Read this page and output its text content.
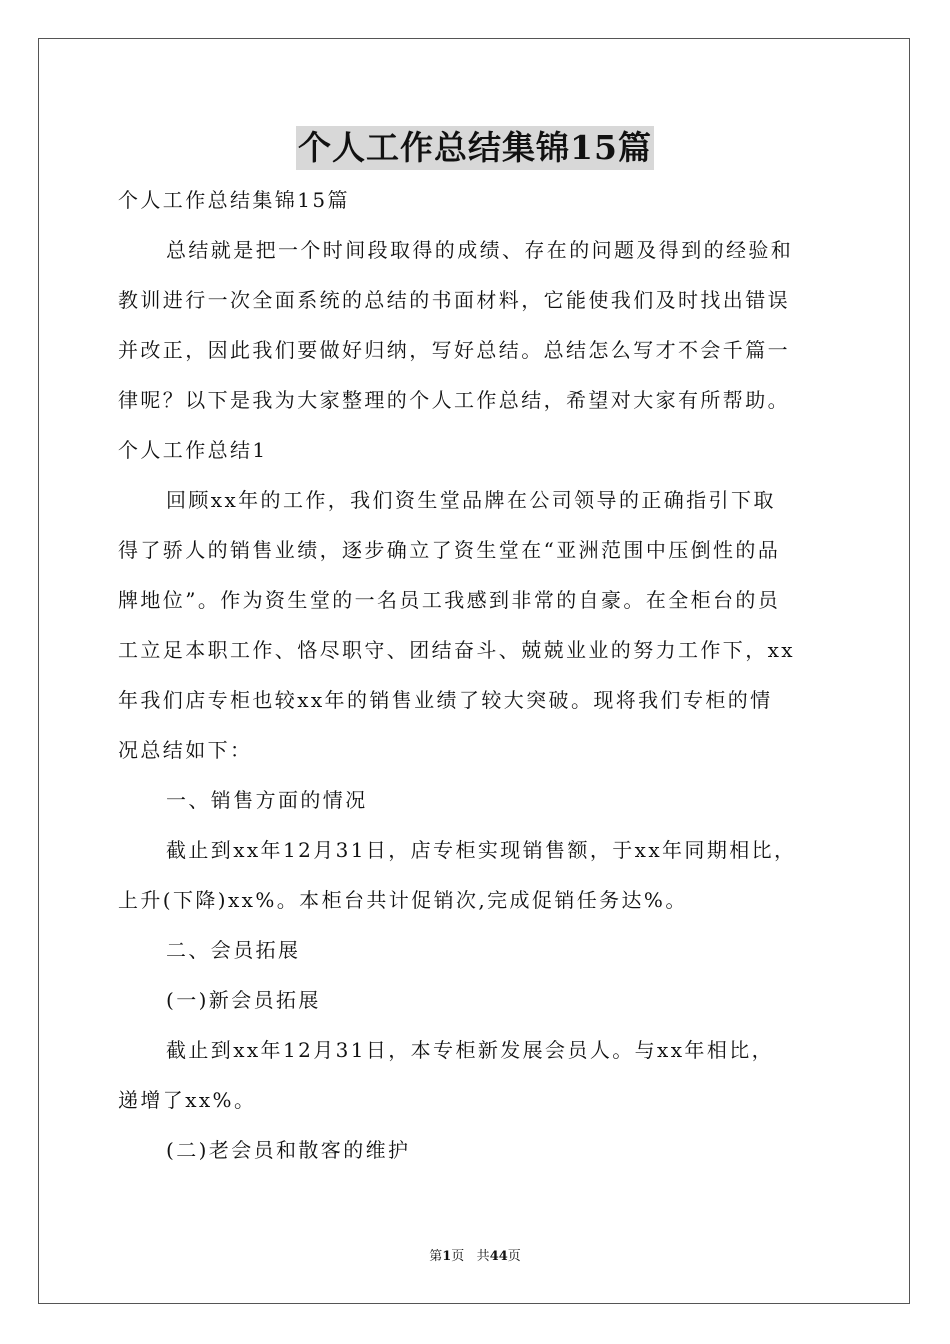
个人工作总结集锦15篇
个人工作总结集锦15篇
总结就是把一个时间段取得的成绩、存在的问题及得到的经验和
教训进行一次全面系统的总结的书面材料，它能使我们及时找出错误
并改正，因此我们要做好归纳，写好总结。总结怎么写才不会千篇一
律呢？以下是我为大家整理的个人工作总结，希望对大家有所帮助。
个人工作总结1
回顾xx年的工作，我们资生堂品牌在公司领导的正确指引下取
得了骄人的销售业绩，逐步确立了资生堂在“亚洲范围中压倒性的品
牌地位”。作为资生堂的一名员工我感到非常的自豪。在全柜台的员
工立足本职工作、恪尽职守、团结奋斗、兢兢业业的努力工作下，xx
年我们店专柜也较xx年的销售业绩了较大突破。现将我们专柜的情
况总结如下：
一、销售方面的情况
截止到xx年12月31日，店专柜实现销售额，于xx年同期相比，
上升(下降)xx%。本柜台共计促销次,完成促销任务达%。
二、会员拓展
(一)新会员拓展
截止到xx年12月31日，本专柜新发展会员人。与xx年相比，
递增了xx%。
(二)老会员和散客的维护
第1页 共44页
